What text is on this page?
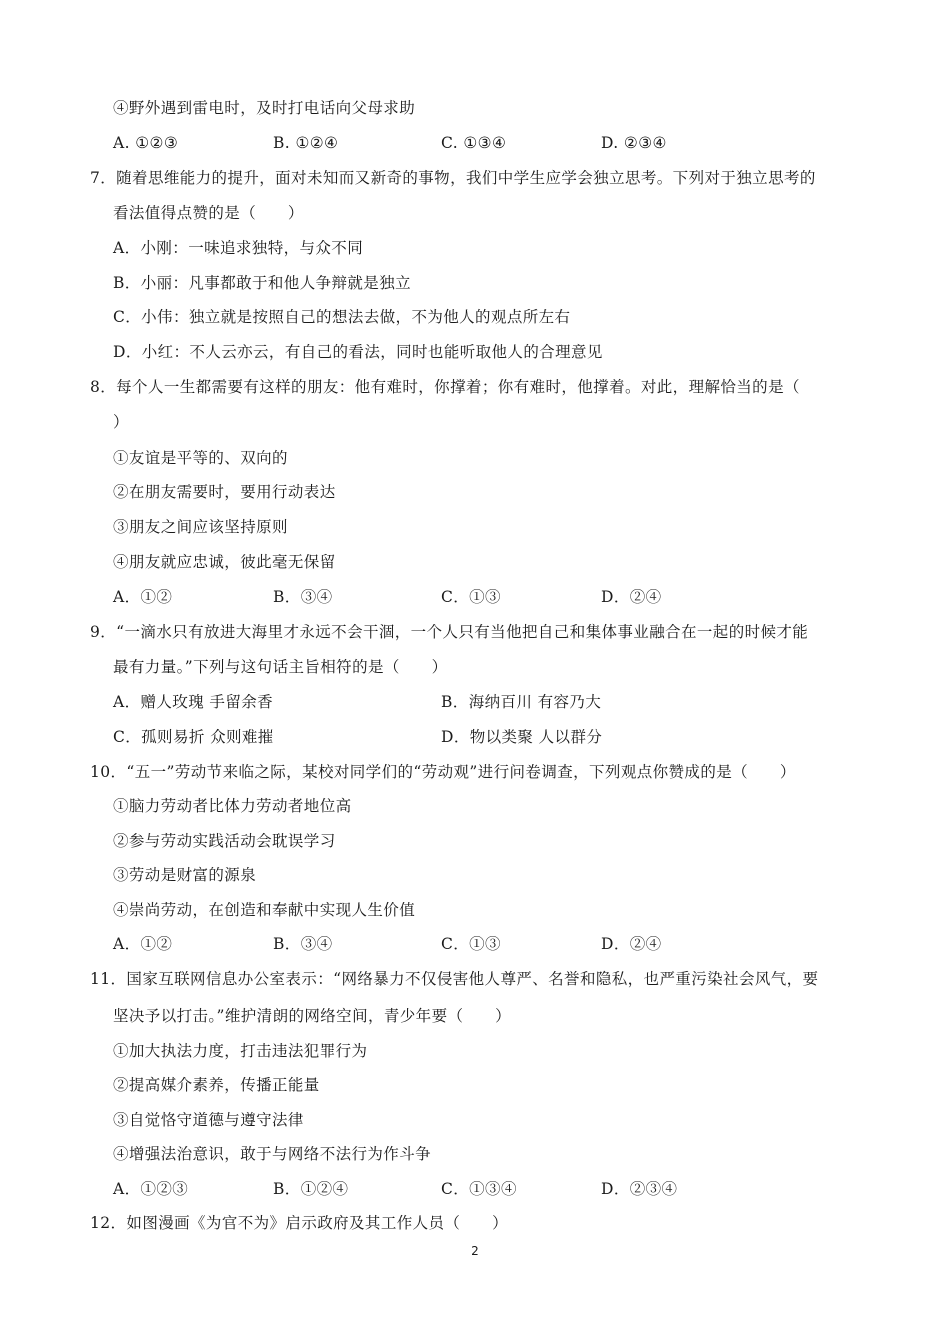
④野外遇到雷电时，及时打电话向父母求助
A. ①②③	B. ①②④	C. ①③④	D. ②③④
7．随着思维能力的提升，面对未知而又新奇的事物，我们中学生应学会独立思考。下列对于独立思考的
看法值得点赞的是（　　）
A．小刚：一味追求独特，与众不同
B．小丽：凡事都敢于和他人争辩就是独立
C．小伟：独立就是按照自己的想法去做，不为他人的观点所左右
D．小红：不人云亦云，有自己的看法，同时也能听取他人的合理意见
8．每个人一生都需要有这样的朋友：他有难时，你撑着；你有难时，他撑着。对此，理解恰当的是（
）
①友谊是平等的、双向的
②在朋友需要时，要用行动表达
③朋友之间应该坚持原则
④朋友就应忠诚，彼此毫无保留
A．①②	B．③④	C．①③	D．②④
9．“一滴水只有放进大海里才永远不会干涸，一个人只有当他把自己和集体事业融合在一起的时候才能
最有力量。”下列与这句话主旨相符的是（　　）
A．赠人玫瑰 手留余香	B．海纳百川 有容乃大
C．孤则易折 众则难摧	D．物以类聚 人以群分
10．“五一”劳动节来临之际，某校对同学们的“劳动观”进行问卷调查，下列观点你赞成的是（　　）
①脑力劳动者比体力劳动者地位高
②参与劳动实践活动会耽误学习
③劳动是财富的源泉
④崇尚劳动，在创造和奉献中实现人生价值
A．①②	B．③④	C．①③	D．②④
11．国家互联网信息办公室表示：“网络暴力不仅侵害他人尊严、名誉和隐私，也严重污染社会风气，要
坚决予以打击。”维护清朗的网络空间，青少年要（　　）
①加大执法力度，打击违法犯罪行为
②提高媒介素养，传播正能量
③自觉恪守道德与遵守法律
④增强法治意识，敢于与网络不法行为作斗争
A．①②③	B．①②④	C．①③④	D．②③④
12．如图漫画《为官不为》启示政府及其工作人员（　　）
2
